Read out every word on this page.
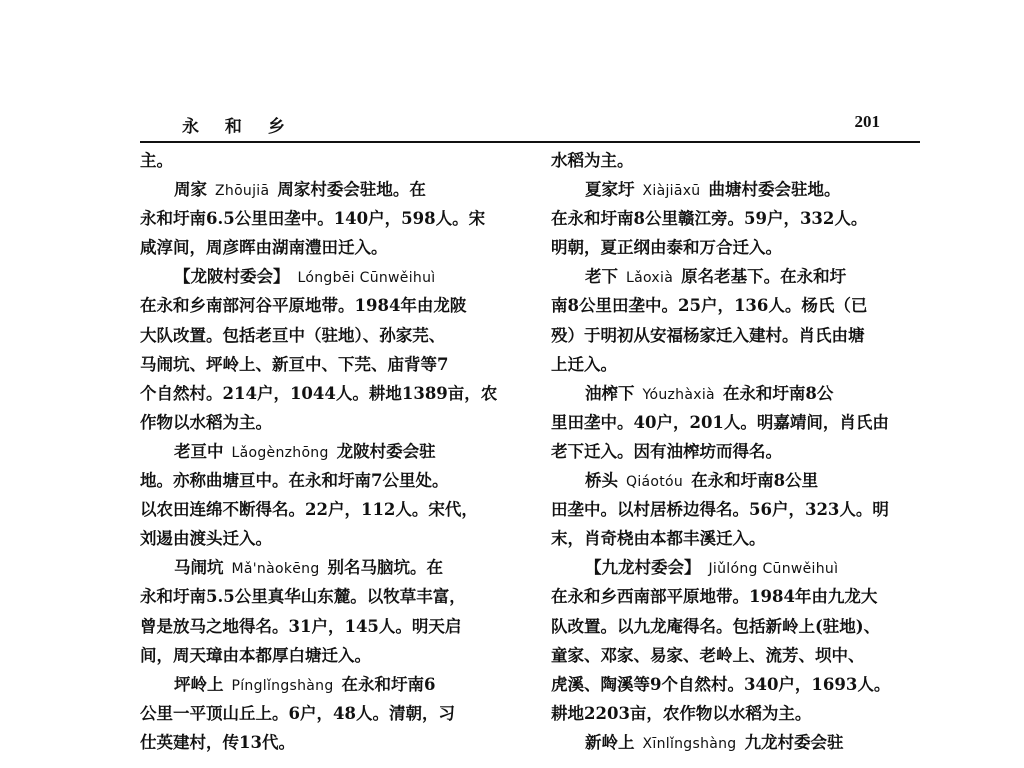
永 和 乡	201
主。
周家 Zhōujiā 周家村委会驻地。在
永和圩南6.5公里田垄中。140户，598人。宋
咸淳间，周彦晖由湖南澧田迁入。
【龙陂村委会】 Lóngbēi Cūnwěihuì
在永和乡南部河谷平原地带。1984年由龙陂
大队改置。包括老亘中（驻地）、孙家芫、
马闹坑、坪岭上、新亘中、下芫、庙背等7
个自然村。214户，1044人。耕地1389亩，农
作物以水稻为主。
老亘中 Lǎogènzhōng 龙陂村委会驻
地。亦称曲塘亘中。在永和圩南7公里处。
以农田连绵不断得名。22户，112人。宋代，
刘逷由渡头迁入。
马闹坑 Mǎ'nàokēng 别名马脑坑。在
永和圩南5.5公里真华山东麓。以牧草丰富，
曾是放马之地得名。31户，145人。明天启
间，周天璋由本都厚白塘迁入。
坪岭上 Pínglǐngshàng 在永和圩南6
公里一平顶山丘上。6户，48人。清朝，习
仕英建村，传13代。
水稻为主。
夏家圩 Xiàjiāxū 曲塘村委会驻地。
在永和圩南8公里赣江旁。59户，332人。
明朝，夏正纲由泰和万合迁入。
老下 Lǎoxià 原名老基下。在永和圩
南8公里田垄中。25户，136人。杨氏（已
殁）于明初从安福杨家迁入建村。肖氏由塘
上迁入。
油榨下 Yóuzhàxià 在永和圩南8公
里田垄中。40户，201人。明嘉靖间，肖氏由
老下迁入。因有油榨坊而得名。
桥头 Qiáotóu 在永和圩南8公里
田垄中。以村居桥边得名。56户，323人。明
末，肖奇桡由本都丰溪迁入。
【九龙村委会】 Jiǔlóng Cūnwěihuì
在永和乡西南部平原地带。1984年由九龙大
队改置。以九龙庵得名。包括新岭上(驻地)、
童家、邓家、易家、老岭上、流芳、坝中、
虎溪、陶溪等9个自然村。340户，1693人。
耕地2203亩，农作物以水稻为主。
新岭上 Xīnlǐngshàng 九龙村委会驻
